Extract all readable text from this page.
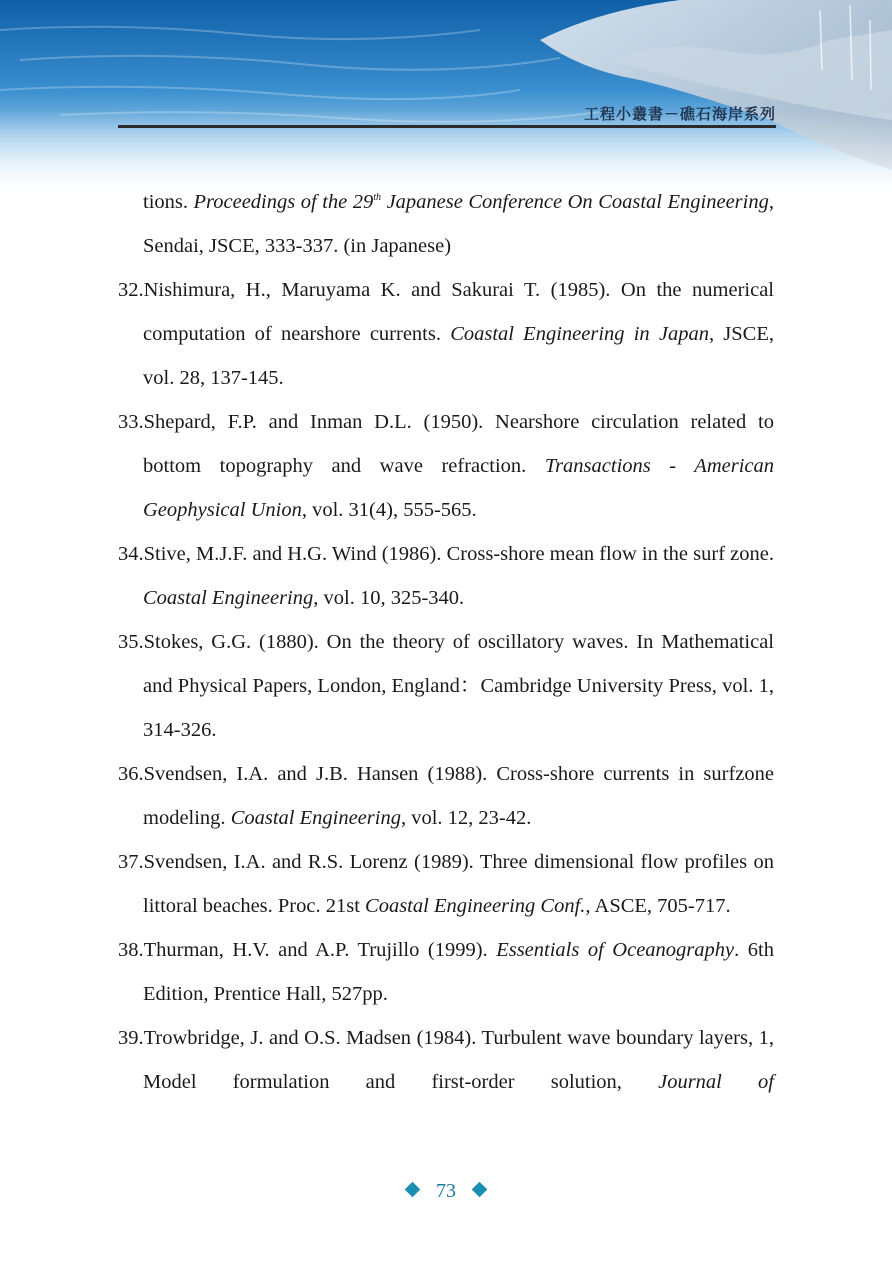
工程小叢書－礁石海岸系列
tions. Proceedings of the 29th Japanese Conference On Coastal Engineering, Sendai, JSCE, 333-337. (in Japanese)
32.Nishimura, H., Maruyama K. and Sakurai T. (1985). On the numerical computation of nearshore currents. Coastal Engineering in Japan, JSCE, vol. 28, 137-145.
33.Shepard, F.P. and Inman D.L. (1950). Nearshore circulation related to bottom topography and wave refraction. Transactions - American Geophysical Union, vol. 31(4), 555-565.
34.Stive, M.J.F. and H.G. Wind (1986). Cross-shore mean flow in the surf zone. Coastal Engineering, vol. 10, 325-340.
35.Stokes, G.G. (1880). On the theory of oscillatory waves. In Mathematical and Physical Papers, London, England：Cambridge University Press, vol. 1, 314-326.
36.Svendsen, I.A. and J.B. Hansen (1988). Cross-shore currents in surfzone modeling. Coastal Engineering, vol. 12, 23-42.
37.Svendsen, I.A. and R.S. Lorenz (1989). Three dimensional flow profiles on littoral beaches. Proc. 21st Coastal Engineering Conf., ASCE, 705-717.
38.Thurman, H.V. and A.P. Trujillo (1999). Essentials of Oceanography. 6th Edition, Prentice Hall, 527pp.
39.Trowbridge, J. and O.S. Madsen (1984). Turbulent wave boundary layers, 1, Model formulation and first-order solution, Journal of
73
